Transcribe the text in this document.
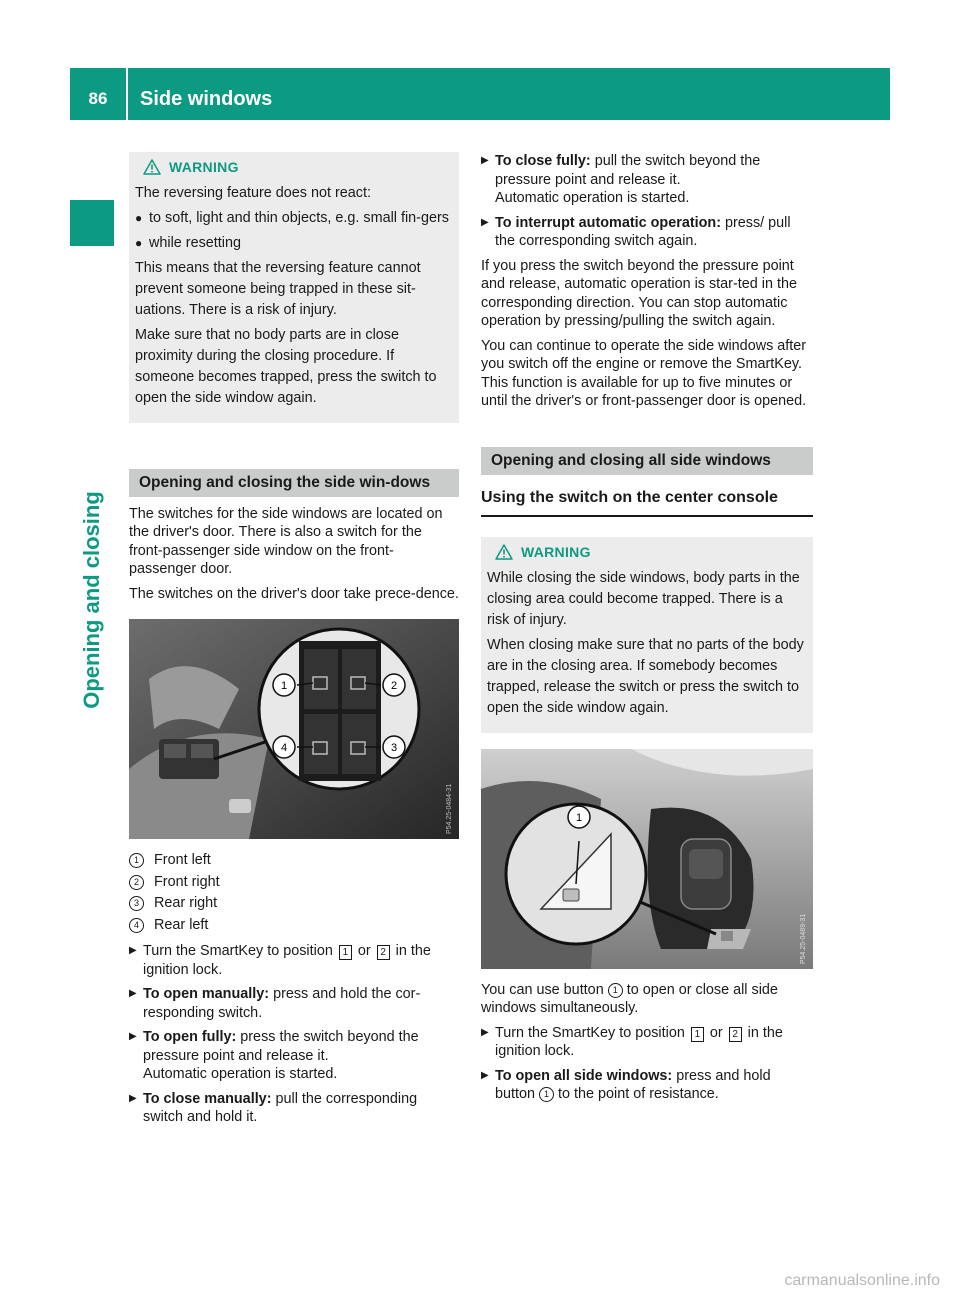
86	Side windows
Opening and closing
WARNING

The reversing feature does not react:

● to soft, light and thin objects, e.g. small fin-gers
● while resetting

This means that the reversing feature cannot prevent someone being trapped in these sit-uations. There is a risk of injury.

Make sure that no body parts are in close proximity during the closing procedure. If someone becomes trapped, press the switch to open the side window again.

Opening and closing the side win-dows

The switches for the side windows are located on the driver's door. There is also a switch for the front-passenger side window on the front-passenger door.

The switches on the driver's door take prece-dence.

1	2
3
4
P54.25-0484-31
1	Front left
2	Front right
3	Rear right
4	Rear left
▶ Turn the SmartKey to position 1 or 2 in the ignition lock.
▶ To open manually: press and hold the cor-responding switch.
▶ To open fully: press the switch beyond the pressure point and release it.
Automatic operation is started.
▶ To close manually: pull the corresponding switch and hold it.
▶ To close fully: pull the switch beyond the pressure point and release it.
Automatic operation is started.
▶ To interrupt automatic operation: press/ pull the corresponding switch again.

If you press the switch beyond the pressure point and release, automatic operation is star-ted in the corresponding direction. You can stop automatic operation by pressing/pulling the switch again.

You can continue to operate the side windows after you switch off the engine or remove the SmartKey. This function is available for up to five minutes or until the driver's or front-passenger door is opened.

Opening and closing all side windows
Using the switch on the center console
WARNING

While closing the side windows, body parts in the closing area could become trapped. There is a risk of injury.

When closing make sure that no parts of the body are in the closing area. If somebody becomes trapped, release the switch or press the switch to open the side window again.

1
P54.25-0489-31

You can use button 1 to open or close all side windows simultaneously.

▶ Turn the SmartKey to position 1 or 2 in the ignition lock.
▶ To open all side windows: press and hold button 1 to the point of resistance.
carmanualsonline.info
